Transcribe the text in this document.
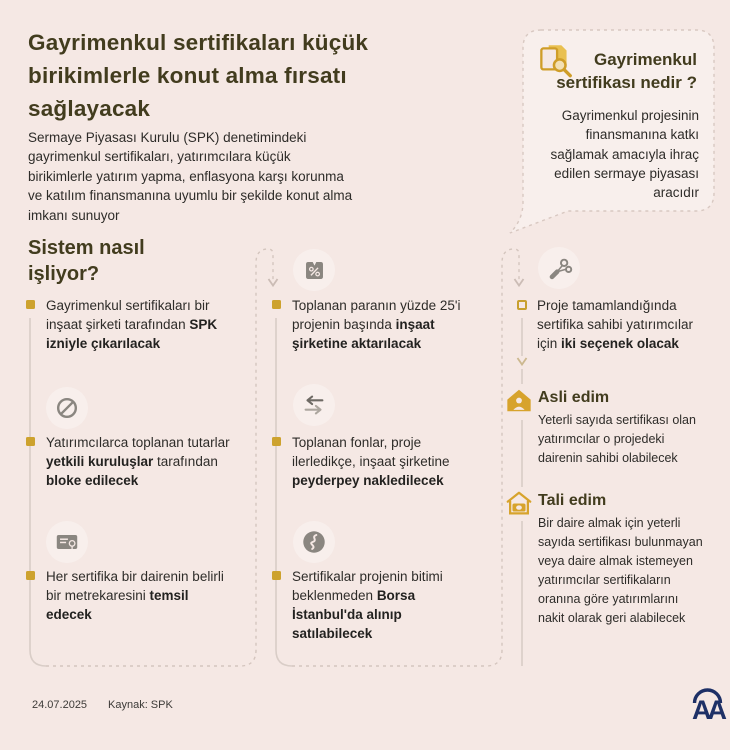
Gayrimenkul sertifikaları küçük birikimlerle konut alma fırsatı sağlayacak

Sermaye Piyasası Kurulu (SPK) denetimindeki gayrimenkul sertifikaları, yatırımcılara küçük birikimlerle yatırım yapma, enflasyona karşı korunma ve katılım finansmanına uyumlu bir şekilde konut alma imkanı sunuyor

Gayrimenkul sertifikası nedir ?

Gayrimenkul projesinin finansmanına katkı sağlamak amacıyla ihraç edilen sermaye piyasası aracıdır

Sistem nasıl işliyor?
Gayrimenkul sertifikaları bir inşaat şirketi tarafından SPK izniyle çıkarılacak
Yatırımcılarca toplanan tutarlar yetkili kuruluşlar tarafından bloke edilecek
Her sertifika bir dairenin belirli bir metrekaresini temsil edecek
Toplanan paranın yüzde 25'i projenin başında inşaat şirketine aktarılacak
Toplanan fonlar, proje ilerledikçe, inşaat şirketine peyderpey nakledilecek
Sertifikalar projenin bitimi beklenmeden Borsa İstanbul'da alınıp satılabilecek
Proje tamamlandığında sertifika sahibi yatırımcılar için iki seçenek olacak
Asli edim

Yeterli sayıda sertifikası olan yatırımcılar o projedeki dairenin sahibi olabilecek

Tali edim

Bir daire almak için yeterli sayıda sertifikası bulunmayan veya daire almak istemeyen yatırımcılar sertifikaların oranına göre yatırımlarını nakit olarak geri alabilecek

24.07.2025 Kaynak: SPK	AA
